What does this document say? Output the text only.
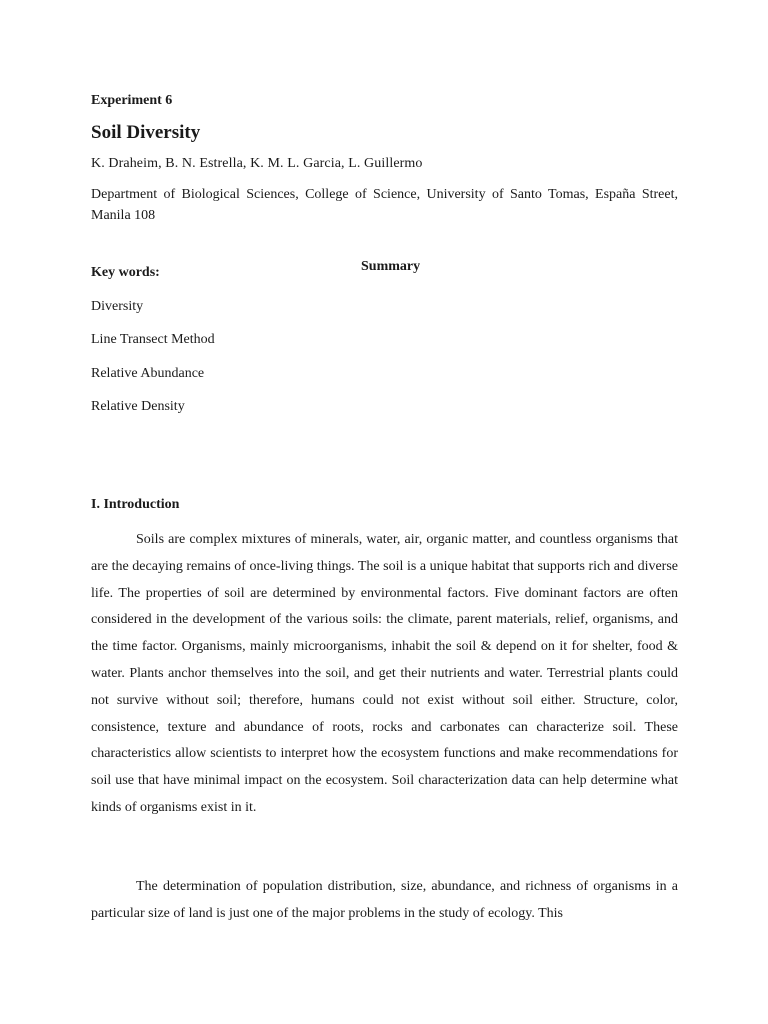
Experiment 6
Soil Diversity
K. Draheim, B. N. Estrella, K. M. L. Garcia, L. Guillermo

Department of Biological Sciences, College of Science, University of Santo Tomas, España Street, Manila 108

Summary
Key words:
Diversity
Line Transect Method
Relative Abundance
Relative Density
I. Introduction

Soils are complex mixtures of minerals, water, air, organic matter, and countless organisms that are the decaying remains of once-living things. The soil is a unique habitat that supports rich and diverse life. The properties of soil are determined by environmental factors. Five dominant factors are often considered in the development of the various soils: the climate, parent materials, relief, organisms, and the time factor. Organisms, mainly microorganisms, inhabit the soil & depend on it for shelter, food & water. Plants anchor themselves into the soil, and get their nutrients and water. Terrestrial plants could not survive without soil; therefore, humans could not exist without soil either. Structure, color, consistence, texture and abundance of roots, rocks and carbonates can characterize soil. These characteristics allow scientists to interpret how the ecosystem functions and make recommendations for soil use that have minimal impact on the ecosystem. Soil characterization data can help determine what kinds of organisms exist in it.

The determination of population distribution, size, abundance, and richness of organisms in a particular size of land is just one of the major problems in the study of ecology. This
